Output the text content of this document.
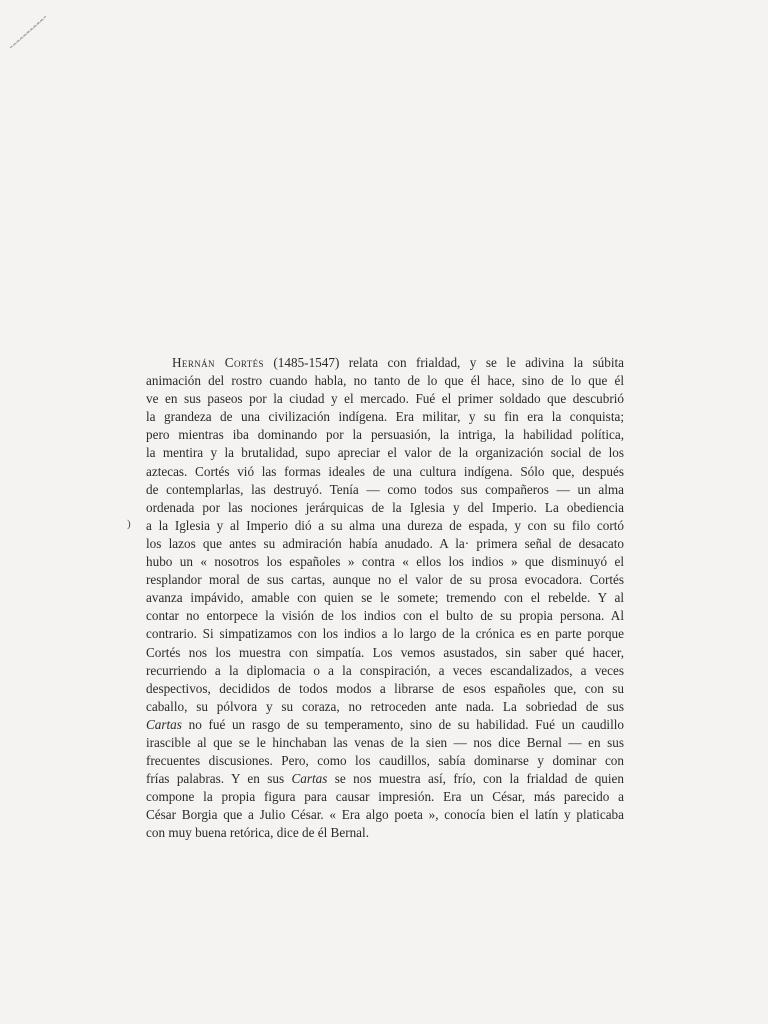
)
Hernán Cortés (1485-1547) relata con frialdad, y se le adivina la súbita
animación del rostro cuando habla, no tanto de lo que él hace, sino de lo que él
ve en sus paseos por la ciudad y el mercado. Fué el primer soldado que descubrió
la grandeza de una civilización indígena. Era militar, y su fin era la conquista;
pero mientras iba dominando por la persuasión, la intriga, la habilidad política,
la mentira y la brutalidad, supo apreciar el valor de la organización social de los
aztecas. Cortés vió las formas ideales de una cultura indígena. Sólo que, después
de contemplarlas, las destruyó. Tenía — como todos sus compañeros — un alma
ordenada por las nociones jerárquicas de la Iglesia y del Imperio. La obediencia
a la Iglesia y al Imperio dió a su alma una dureza de espada, y con su filo cortó
los lazos que antes su admiración había anudado. A la· primera señal de desacato
hubo un « nosotros los españoles » contra « ellos los indios » que disminuyó el
resplandor moral de sus cartas, aunque no el valor de su prosa evocadora. Cortés
avanza impávido, amable con quien se le somete; tremendo con el rebelde. Y al
contar no entorpece la visión de los indios con el bulto de su propia persona. Al
contrario. Si simpatizamos con los indios a lo largo de la crónica es en parte porque
Cortés nos los muestra con simpatía. Los vemos asustados, sin saber qué hacer,
recurriendo a la diplomacia o a la conspiración, a veces escandalizados, a veces
despectivos, decididos de todos modos a librarse de esos españoles que, con su
caballo, su pólvora y su coraza, no retroceden ante nada. La sobriedad de sus
Cartas no fué un rasgo de su temperamento, sino de su habilidad. Fué un caudillo
irascible al que se le hinchaban las venas de la sien — nos dice Bernal — en sus
frecuentes discusiones. Pero, como los caudillos, sabía dominarse y dominar con
frías palabras. Y en sus Cartas se nos muestra así, frío, con la frialdad de quien
compone la propia figura para causar impresión. Era un César, más parecido a
César Borgia que a Julio César. « Era algo poeta », conocía bien el latín y platicaba
con muy buena retórica, dice de él Bernal.
